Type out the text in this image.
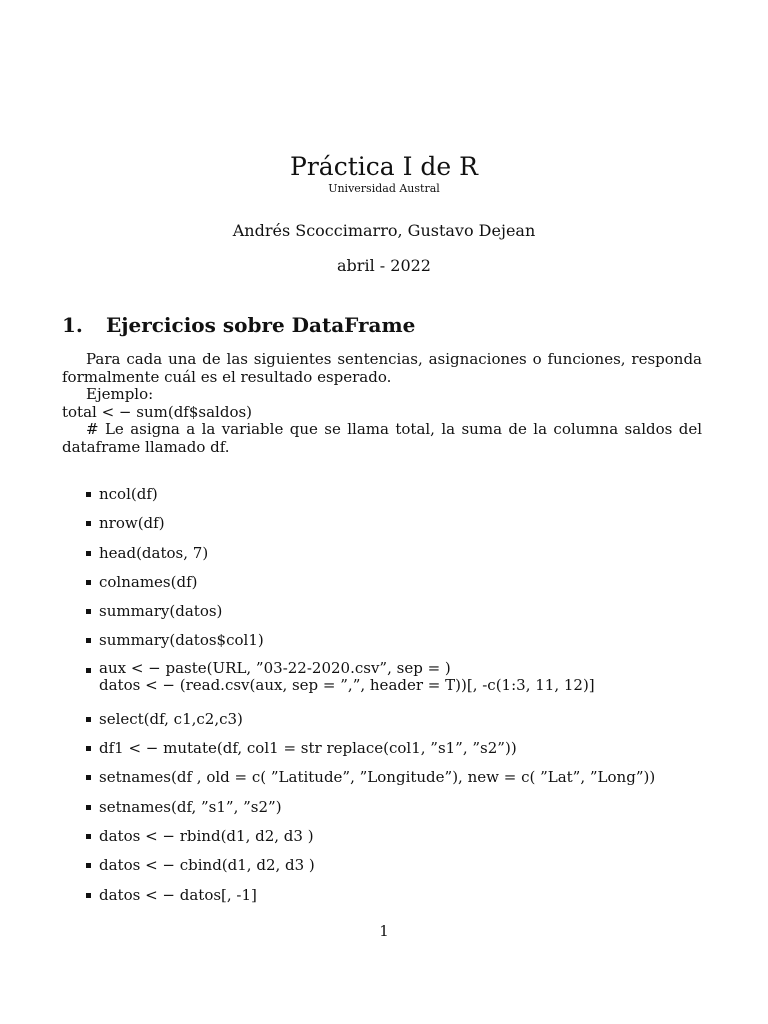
Práctica I de R
Universidad Austral
Andrés Scoccimarro, Gustavo Dejean
abril - 2022
1. Ejercicios sobre DataFrame

Para cada una de las siguientes sentencias, asignaciones o funciones, responda formalmente cuál es el resultado esperado.

Ejemplo:

total < − sum(df$saldos)

# Le asigna a la variable que se llama total, la suma de la columna saldos del dataframe llamado df.

ncol(df)
nrow(df)
head(datos, 7)
colnames(df)
summary(datos)
summary(datos$col1)
aux < − paste(URL, ”03-22-2020.csv”, sep = )
datos < − (read.csv(aux, sep = ”,”, header = T))[, -c(1:3, 11, 12)]
select(df, c1,c2,c3)
df1 < − mutate(df, col1 = str replace(col1, ”s1”, ”s2”))
setnames(df , old = c( ”Latitude”, ”Longitude”), new = c( ”Lat”, ”Long”))
setnames(df, ”s1”, ”s2”)
datos < − rbind(d1, d2, d3 )
datos < − cbind(d1, d2, d3 )
datos < − datos[, -1]
1
